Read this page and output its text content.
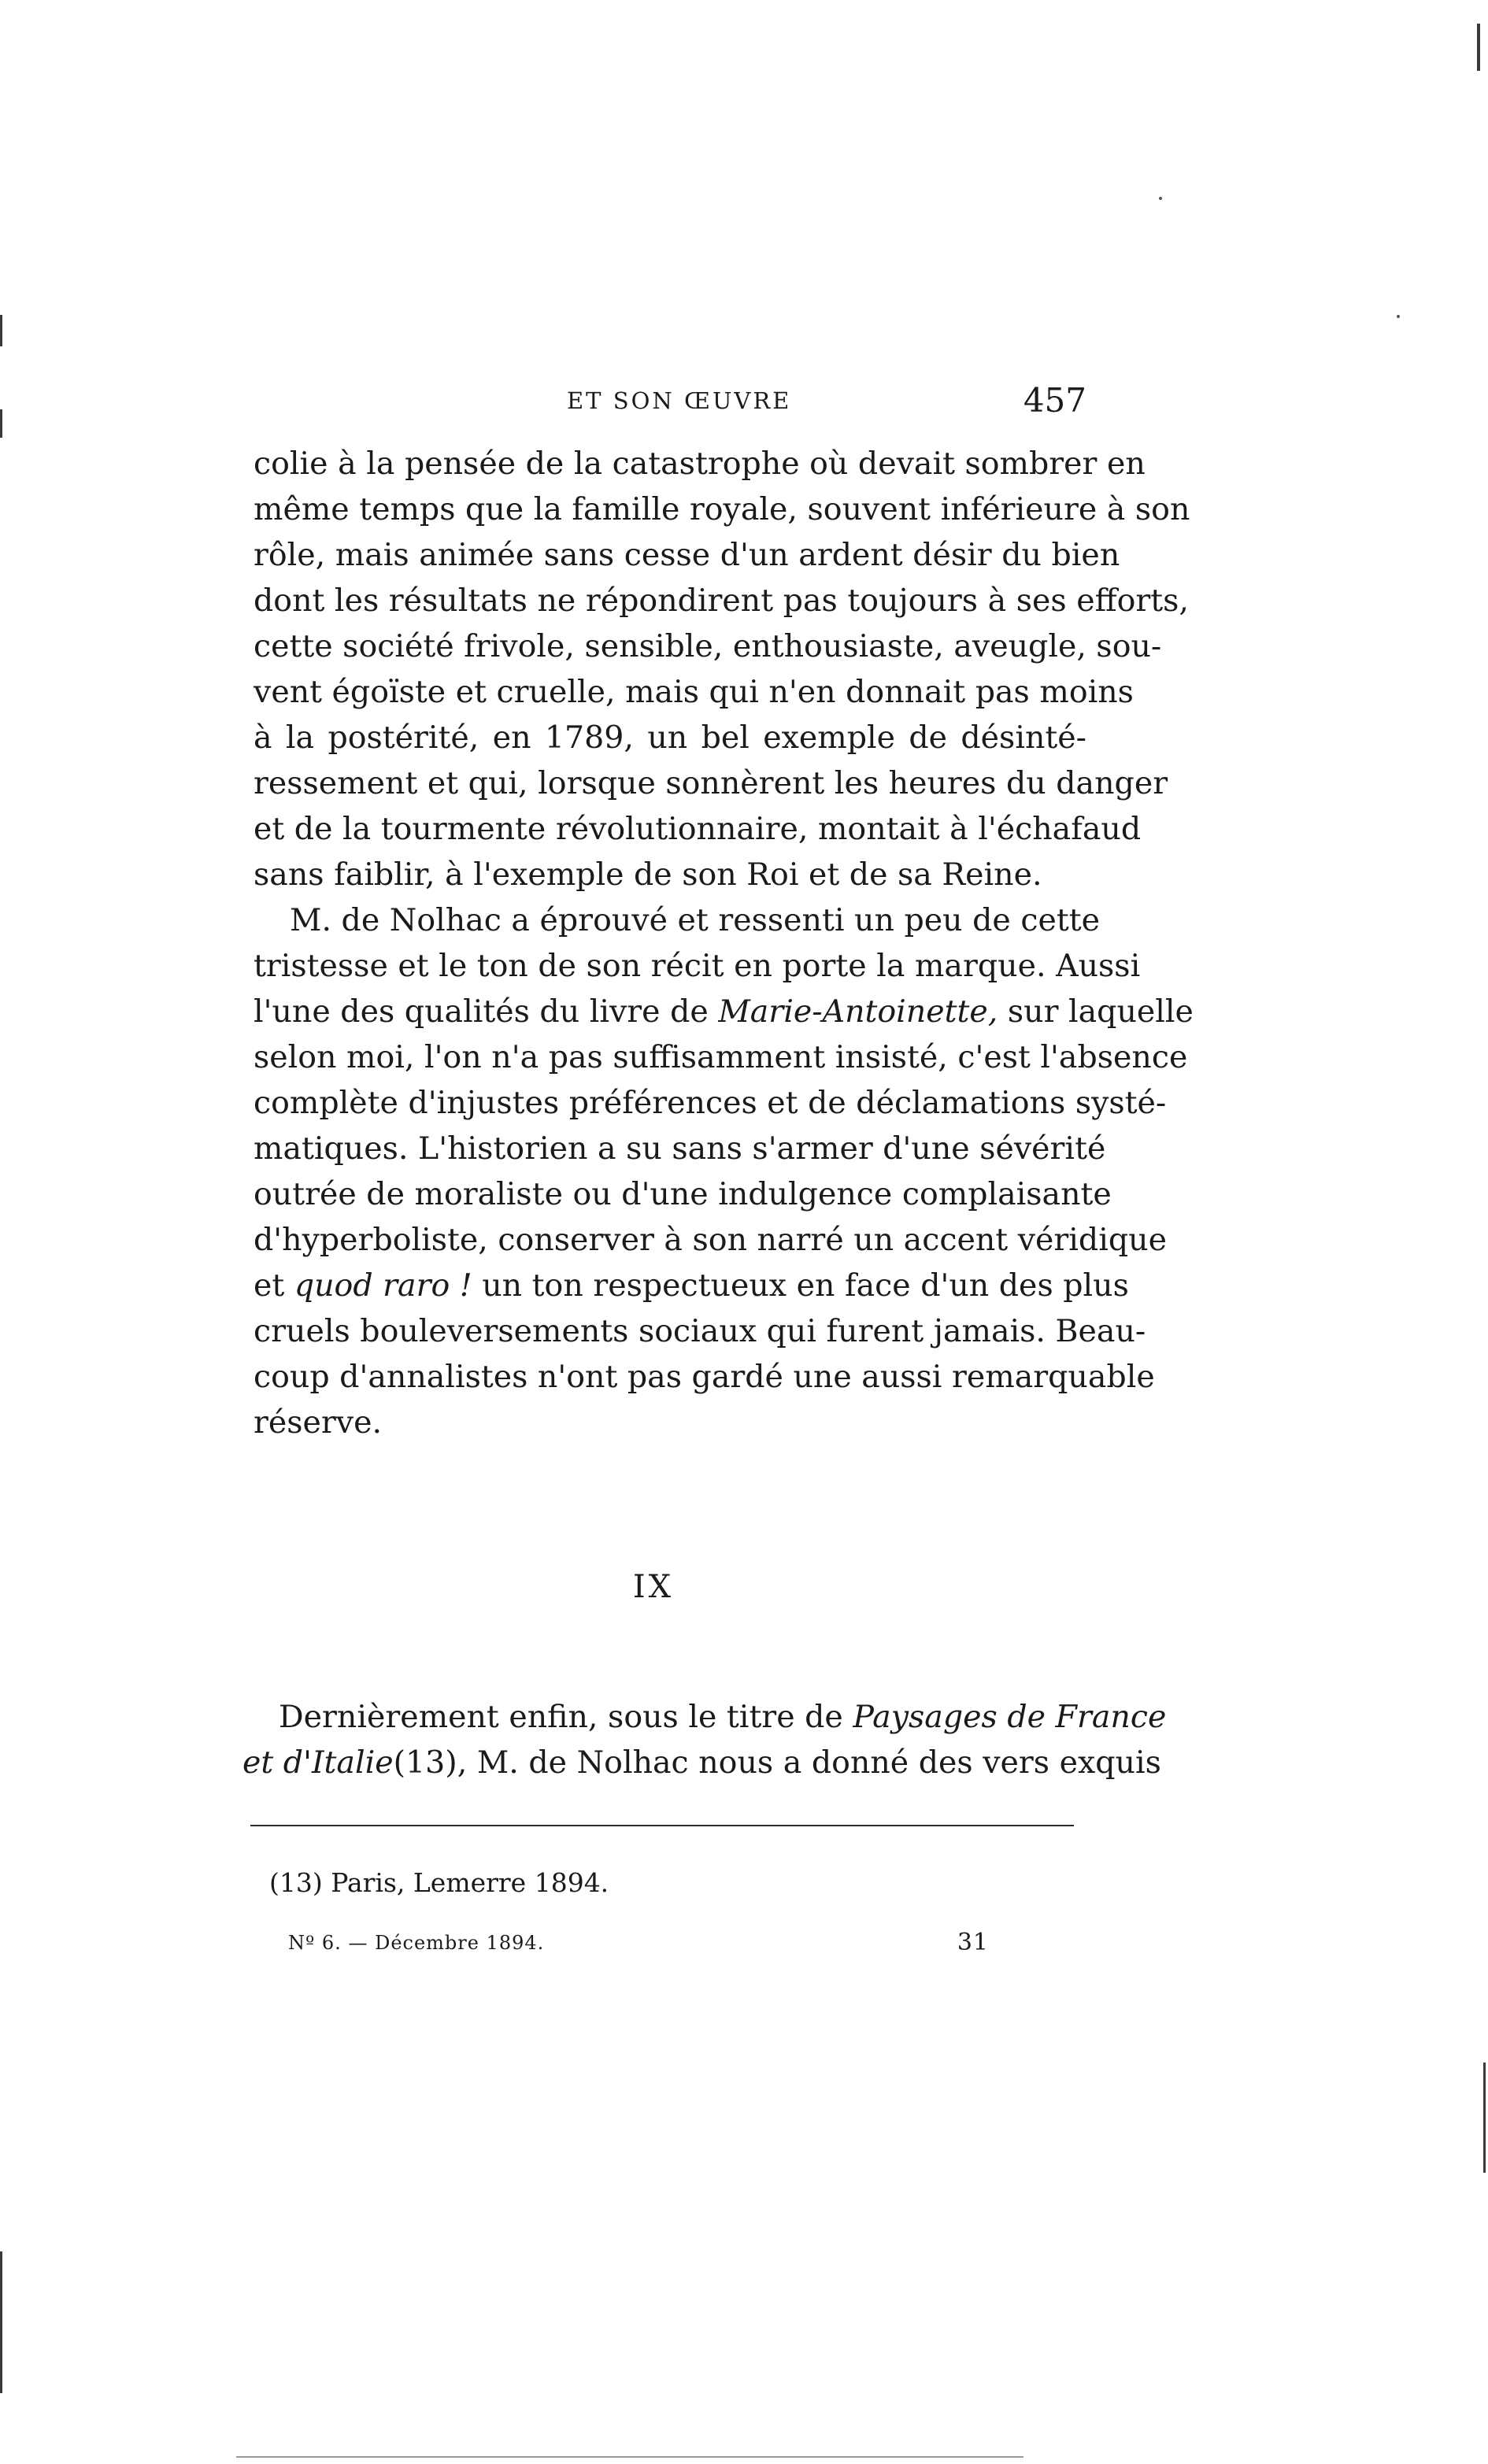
ET SON ŒUVRE	457

colie à la pensée de la catastrophe où devait sombrer en
même temps que la famille royale, souvent inférieure à son
rôle, mais animée sans cesse d'un ardent désir du bien
dont les résultats ne répondirent pas toujours à ses efforts,
cette société frivole, sensible, enthousiaste, aveugle, sou-
vent égoïste et cruelle, mais qui n'en donnait pas moins
à la postérité, en 1789, un bel exemple de désinté-
ressement et qui, lorsque sonnèrent les heures du danger
et de la tourmente révolutionnaire, montait à l'échafaud
sans faiblir, à l'exemple de son Roi et de sa Reine.

M. de Nolhac a éprouvé et ressenti un peu de cette
tristesse et le ton de son récit en porte la marque. Aussi
l'une des qualités du livre de Marie-Antoinette, sur laquelle
selon moi, l'on n'a pas suffisamment insisté, c'est l'absence
complète d'injustes préférences et de déclamations systé-
matiques. L'historien a su sans s'armer d'une sévérité
outrée de moraliste ou d'une indulgence complaisante
d'hyperboliste, conserver à son narré un accent véridique
et quod raro ! un ton respectueux en face d'un des plus
cruels bouleversements sociaux qui furent jamais. Beau-
coup d'annalistes n'ont pas gardé une aussi remarquable
réserve.

IX
Dernièrement enfin, sous le titre de Paysages de France
et d'Italie(13), M. de Nolhac nous a donné des vers exquis
(13) Paris, Lemerre 1894.
Nº 6. — Décembre 1894.	31
